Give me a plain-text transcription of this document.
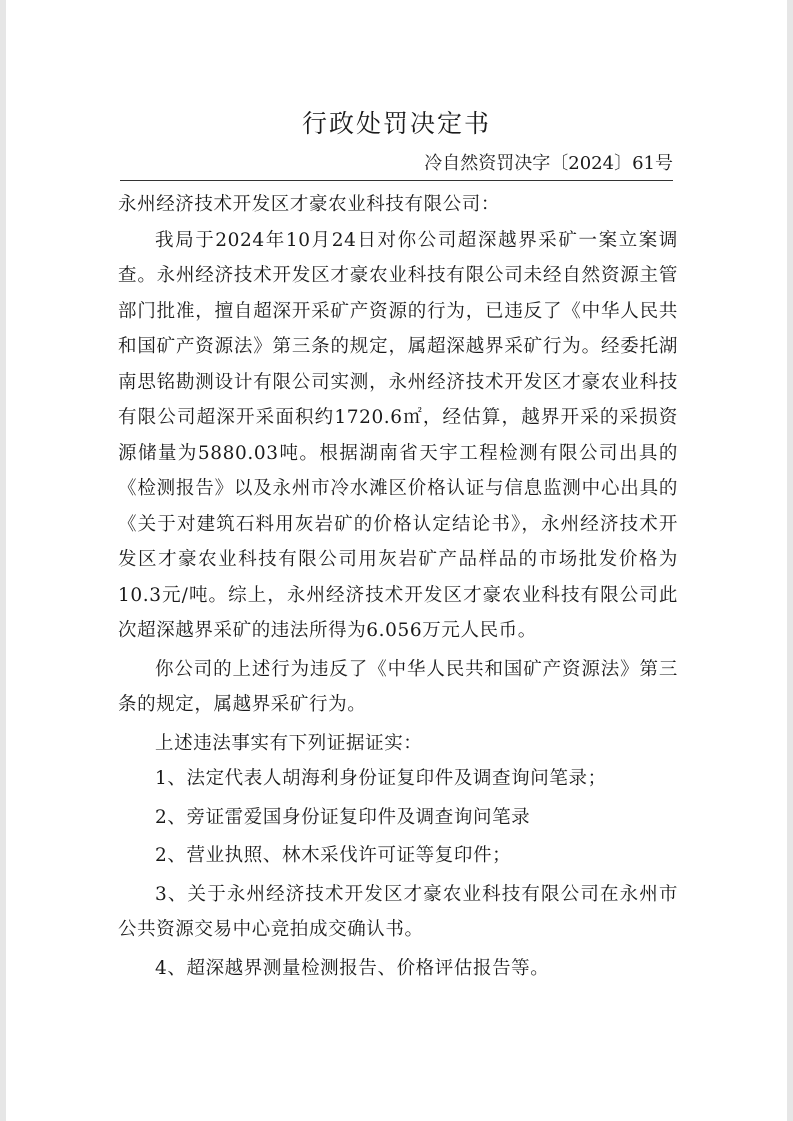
行政处罚决定书
冷自然资罚决字〔2024〕61号

永州经济技术开发区才豪农业科技有限公司：

我局于2024年10月24日对你公司超深越界采矿一案立案调查。永州经济技术开发区才豪农业科技有限公司未经自然资源主管部门批准，擅自超深开采矿产资源的行为，已违反了《中华人民共和国矿产资源法》第三条的规定，属超深越界采矿行为。经委托湖南思铭勘测设计有限公司实测，永州经济技术开发区才豪农业科技有限公司超深开采面积约1720.6㎡，经估算，越界开采的采损资源储量为5880.03吨。根据湖南省天宇工程检测有限公司出具的《检测报告》以及永州市冷水滩区价格认证与信息监测中心出具的《关于对建筑石料用灰岩矿的价格认定结论书》，永州经济技术开发区才豪农业科技有限公司用灰岩矿产品样品的市场批发价格为10.3元/吨。综上，永州经济技术开发区才豪农业科技有限公司此次超深越界采矿的违法所得为6.056万元人民币。

你公司的上述行为违反了《中华人民共和国矿产资源法》第三条的规定，属越界采矿行为。

上述违法事实有下列证据证实：

1、法定代表人胡海利身份证复印件及调查询问笔录；

2、旁证雷爱国身份证复印件及调查询问笔录

2、营业执照、林木采伐许可证等复印件；

3、关于永州经济技术开发区才豪农业科技有限公司在永州市公共资源交易中心竞拍成交确认书。

4、超深越界测量检测报告、价格评估报告等。
